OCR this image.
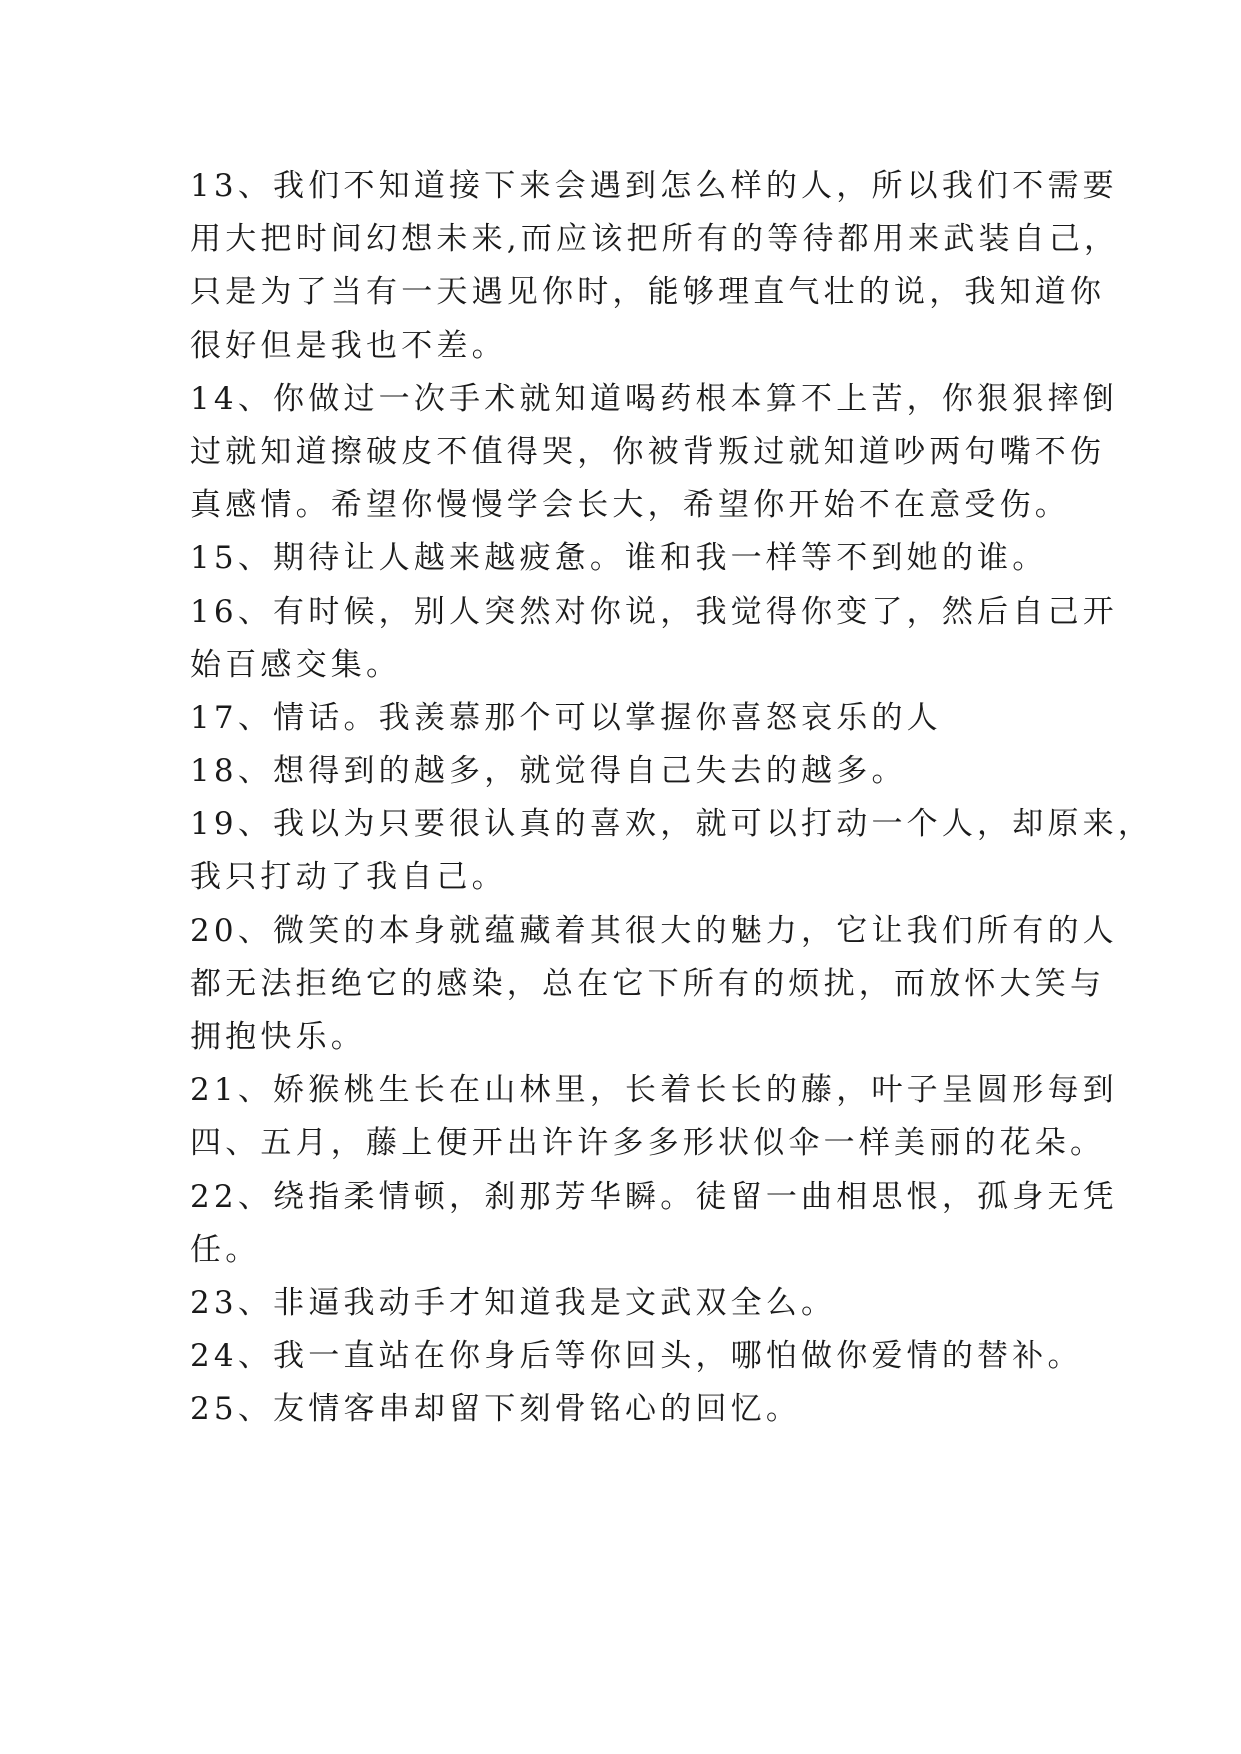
13、我们不知道接下来会遇到怎么样的人，所以我们不需要
用大把时间幻想未来,而应该把所有的等待都用来武装自己，
只是为了当有一天遇见你时，能够理直气壮的说，我知道你
很好但是我也不差。
14、你做过一次手术就知道喝药根本算不上苦，你狠狠摔倒
过就知道擦破皮不值得哭，你被背叛过就知道吵两句嘴不伤
真感情。希望你慢慢学会长大，希望你开始不在意受伤。
15、期待让人越来越疲惫。谁和我一样等不到她的谁。
16、有时候，别人突然对你说，我觉得你变了，然后自己开
始百感交集。
17、情话。我羡慕那个可以掌握你喜怒哀乐的人
18、想得到的越多，就觉得自己失去的越多。
19、我以为只要很认真的喜欢，就可以打动一个人，却原来，
我只打动了我自己。
20、微笑的本身就蕴藏着其很大的魅力，它让我们所有的人
都无法拒绝它的感染，总在它下所有的烦扰，而放怀大笑与
拥抱快乐。
21、娇猴桃生长在山林里，长着长长的藤，叶子呈圆形每到
四、五月，藤上便开出许许多多形状似伞一样美丽的花朵。
22、绕指柔情顿，刹那芳华瞬。徒留一曲相思恨，孤身无凭
任。
23、非逼我动手才知道我是文武双全么。
24、我一直站在你身后等你回头，哪怕做你爱情的替补。
25、友情客串却留下刻骨铭心的回忆。
